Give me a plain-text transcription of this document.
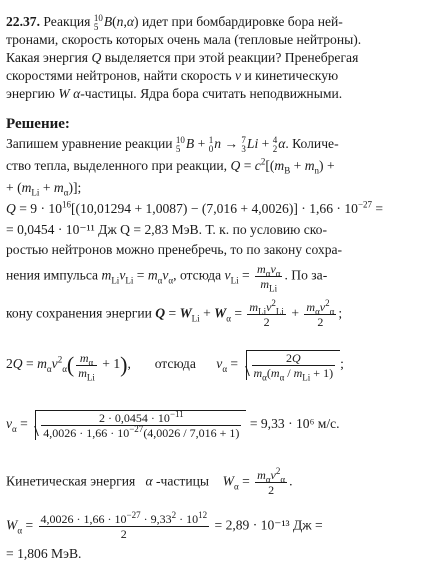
22.37. Реакция 10
5 B(n,α) идет при бомбардировке бора ней-
тронами, скорость которых очень мала (тепловые нейтроны).
Какая энергия Q выделяется при этой реакции? Пренебрегая
скоростями нейтронов, найти скорость v и кинетическую
энергию W α-частицы. Ядра бора считать неподвижными.
Решение:
Запишем уравнение реакции 10
5 B + 1
0 n → 7
3 Li + 4
2 α. Количе-
ство тепла, выделенного при реакции, $Q = c^2[(m_B + m_n)$ +
+ $(m_{Li} + m_\alpha)$];
$Q = 9 \cdot 10^{16}[(10,01294 + 1,0087) - (7,016 + 4,0026)] \cdot 1,66 \cdot 10^{-27}$ =
= 0,0454 · 10⁻¹¹ Дж Q = 2,83 МэВ. Т. к. по условию ско-
ростью нейтронов можно пренебречь, то по закону сохра-
нения импульса $m_{Li}v_{Li} = m_\alpha v_\alpha$, отсюда $v_{Li} = \frac{m_\alpha v_\alpha}{m_{Li}}$ . По за-
кону сохранения энергии $Q = W_{Li} + W_\alpha = \frac{m_{Li}v^2_{Li}}{2} + \frac{m_\alpha v^2_\alpha}{2}$ ;
$2Q = m_\alpha v^2_\alpha( \frac{m_\alpha}{m_{Li}} + 1)$,       отсюда $v_\alpha = \frac{2Q}{m_\alpha(m_\alpha / m_{Li} + 1)}$ ;
$v_\alpha = \frac{2 \cdot 0,0454 \cdot 10^{-11}}{4,0026 \cdot 1,66 \cdot 10^{-27}(4,0026 / 7,016 + 1)} = 9,33 \cdot 10^6$ м/с.
Кинетическая энергия α -частицы $W_\alpha = \frac{m_\alpha v^2_\alpha}{2}$ .
$W_\alpha = \frac{4,0026 \cdot 1,66 \cdot 10^{-27} \cdot 9,33^2 \cdot 10^{12}}{2} = 2,89 \cdot 10^{-13}$ Дж =
= 1,806 МэВ.
